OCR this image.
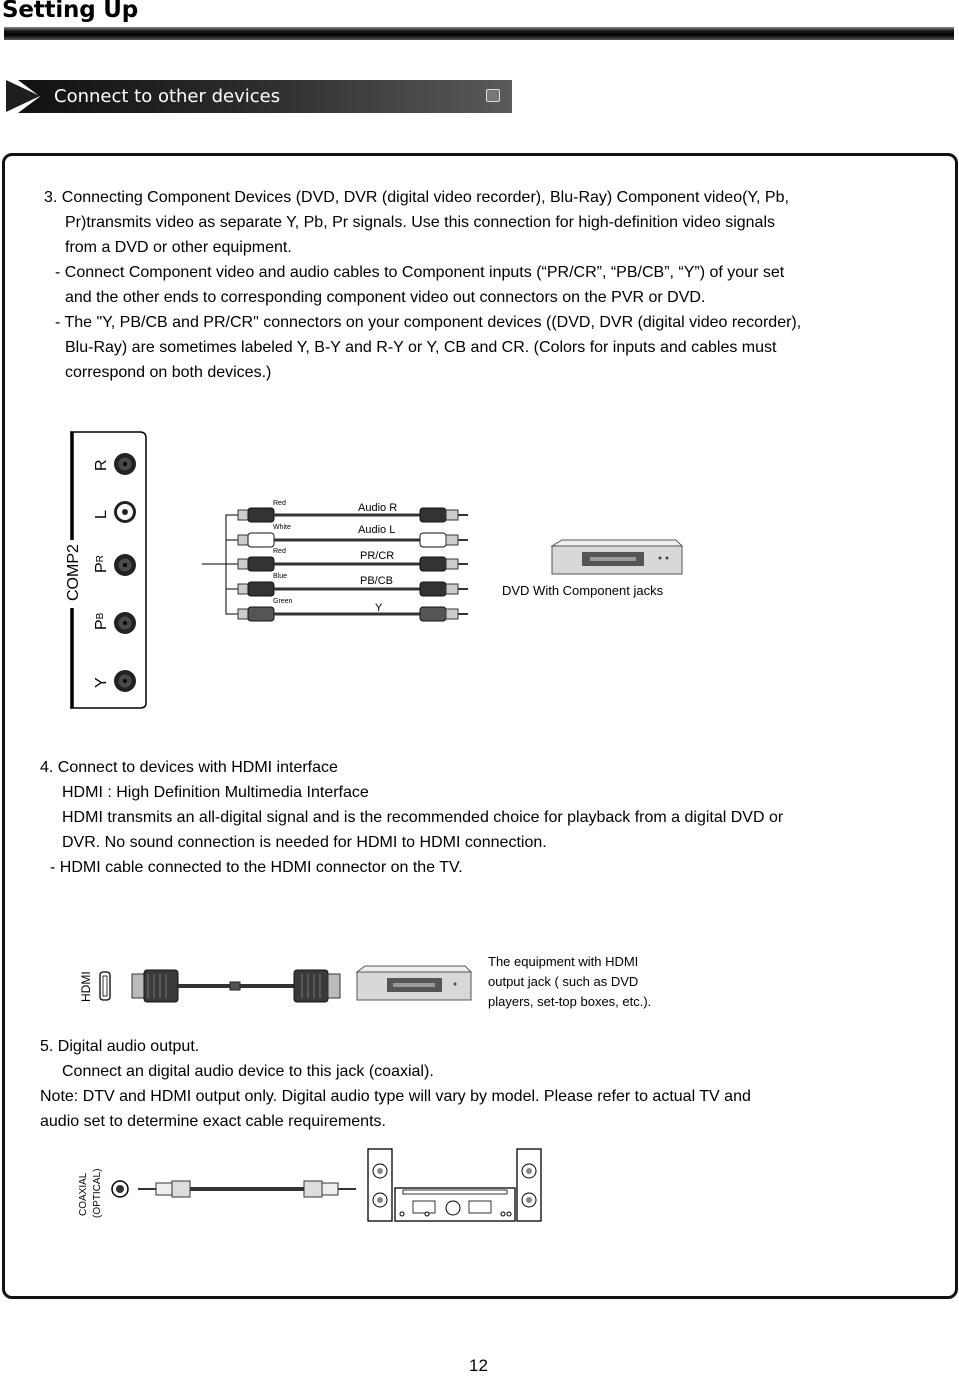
Setting Up
Connect to other devices
3. Connecting Component Devices (DVD, DVR (digital video recorder), Blu-Ray) Component video(Y, Pb,
Pr)transmits video as separate Y, Pb, Pr signals. Use this connection for high-definition video signals
from a DVD or other equipment.
- Connect Component video and audio cables to Component inputs (“PR/CR”, “PB/CB”, “Y”) of your set
and the other ends to corresponding component video out connectors on the PVR or DVD.
- The "Y, PB/CB and PR/CR" connectors on your component devices ((DVD, DVR (digital video recorder),
Blu-Ray) are sometimes labeled Y, B-Y and R-Y or Y, CB and CR. (Colors for inputs and cables must
correspond on both devices.)
COMP2
R
L
PR
PB
Y
Red
White
Red
Blue
Green
Audio R
Audio L
PR/CR
PB/CB
Y
DVD With Component jacks
4. Connect to devices with HDMI interface
HDMI : High Definition Multimedia Interface
HDMI transmits an all-digital signal and is the recommended choice for playback from a digital DVD or
DVR. No sound connection is needed for HDMI to HDMI connection.
- HDMI cable connected to the HDMI connector on the TV.
HDMI
The equipment with HDMI
output jack ( such as DVD
players, set-top boxes, etc.).
5. Digital audio output.
Connect an digital audio device to this jack (coaxial).
Note: DTV and HDMI output only. Digital audio type will vary by model. Please refer to actual TV and
audio set to determine exact cable requirements.
COAXIAL (OPTICAL)
12
